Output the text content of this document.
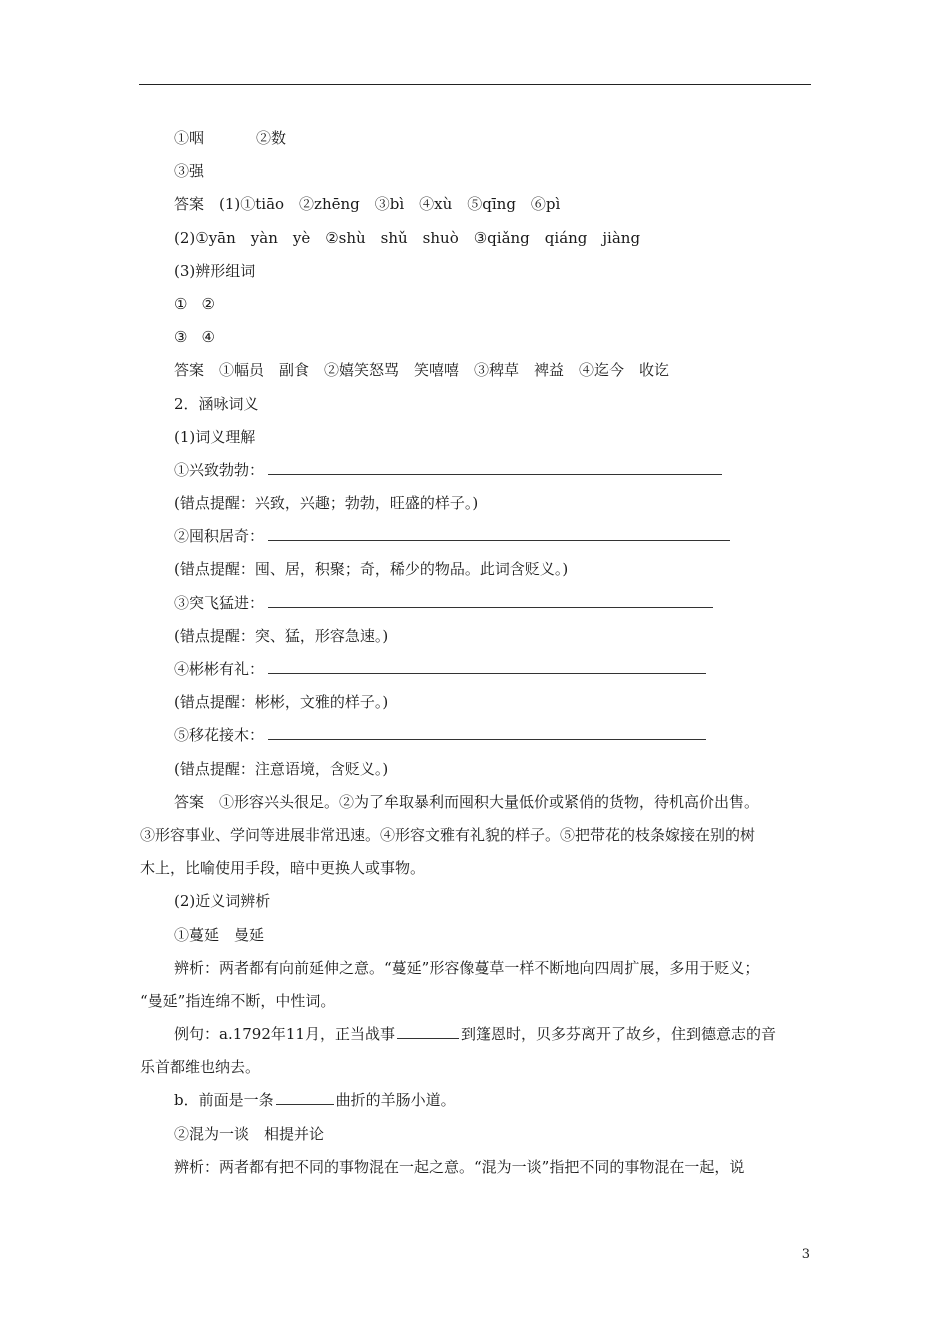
①咽	②数
③强
答案　(1)①tiāo　②zhēng　③bì　④xù　⑤qīng　⑥pì
(2)①yān　yàn　yè　②shù　shǔ　shuò　③qiǎng　qiáng　jiàng
(3)辨形组词
① ②
③ ④
答案　①幅员　副食　②嬉笑怒骂　笑嘻嘻　③稗草　裨益　④迄今　收讫
2．涵咏词义
(1)词义理解
①兴致勃勃：
(错点提醒：兴致，兴趣；勃勃，旺盛的样子。)
②囤积居奇：
(错点提醒：囤、居，积聚；奇，稀少的物品。此词含贬义。)
③突飞猛进：
(错点提醒：突、猛，形容急速。)
④彬彬有礼：
(错点提醒：彬彬，文雅的样子。)
⑤移花接木：
(错点提醒：注意语境，含贬义。)
答案　①形容兴头很足。②为了牟取暴利而囤积大量低价或紧俏的货物，待机高价出售。
③形容事业、学问等进展非常迅速。④形容文雅有礼貌的样子。⑤把带花的枝条嫁接在别的树
木上，比喻使用手段，暗中更换人或事物。
(2)近义词辨析
①蔓延　曼延
辨析：两者都有向前延伸之意。“蔓延”形容像蔓草一样不断地向四周扩展，多用于贬义；
“曼延”指连绵不断，中性词。
例句：a.1792年11月，正当战事	到篷恩时，贝多芬离开了故乡，住到德意志的音
乐首都维也纳去。
b．前面是一条	曲折的羊肠小道。
②混为一谈　相提并论
辨析：两者都有把不同的事物混在一起之意。“混为一谈”指把不同的事物混在一起，说
3
